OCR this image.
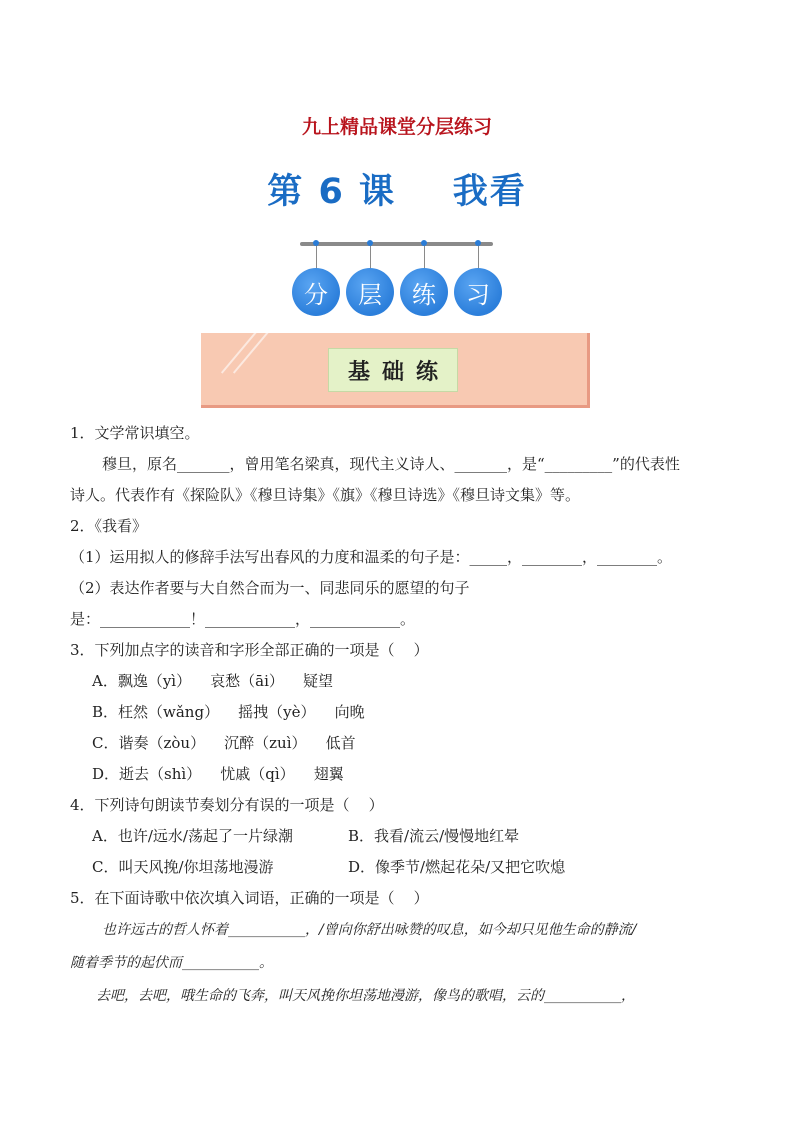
九上精品课堂分层练习
第 6 课    我看
分	层	练	习
基础练
1．文学常识填空。
穆旦，原名_______，曾用笔名梁真，现代主义诗人、_______，是“_________”的代表性
诗人。代表作有《探险队》《穆旦诗集》《旗》《穆旦诗选》《穆旦诗文集》等。
2．《我看》
（1）运用拟人的修辞手法写出春风的力度和温柔的句子是：_____，________，________。
（2）表达作者要与大自然合而为一、同悲同乐的愿望的句子
是：____________！____________，____________。
3．下列加点字的读音和字形全部正确的一项是（    ）
A．飘逸（yì）    哀愁（āi）    疑望
B．枉然（wǎng）    摇拽（yè）    向晚
C．谐奏（zòu）    沉醉（zuì）    低首
D．逝去（shì）    忧戚（qì）    翅翼
4．下列诗句朗读节奏划分有误的一项是（    ）
A．也许/远水/荡起了一片绿潮	B．我看/流云/慢慢地红晕
C．叫天风挽/你坦荡地漫游	D．像季节/燃起花朵/又把它吹熄
5．在下面诗歌中依次填入词语，正确的一项是（    ）
也许远古的哲人怀着___________，/曾向你舒出咏赞的叹息，如今却只见他生命的静流/
随着季节的起伏而___________。
去吧，去吧，哦生命的飞奔，叫天风挽你坦荡地漫游，像鸟的歌唱，云的___________，
